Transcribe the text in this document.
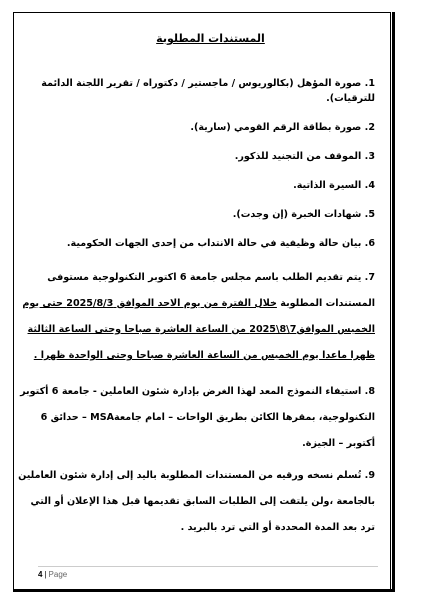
المستندات المطلوبة

1. صورة المؤهل (بكالوريوس / ماجستير / دكتوراه / تقرير اللجنة الدائمة للترقيات).

2. صورة بطاقة الرقم القومي (سارية).

3. الموقف من التجنيد للذكور.

4. السيرة الذاتية.

5. شهادات الخبرة (إن وجدت).

6. بيان حالة وظيفية في حالة الانتداب من إحدى الجهات الحكومية.

7. يتم تقديم الطلب باسم مجلس جامعة 6 اكتوبر التكنولوجية مستوفى المستندات المطلوبة خلال الفترة من يوم الاحد الموافق 2025/8/3 حتى يوم الخميس الموافق7\8\2025 من الساعة العاشرة صباحا وحتى الساعة الثالثة ظهرا ماعدا يوم الخميس من الساعة العاشرة صباحا وحتى الواحدة ظهرا .

8. استيفاء النموذج المعد لهذا الغرض بإدارة شئون العاملين - جامعة 6 أكتوبر التكنولوجية، بمقرها الكائن بطريق الواحات – امام جامعةMSA – حدائق 6 أكتوبر – الجيزة.

9. تُسلم نسخه ورقيه من المستندات المطلوبة باليد إلى إدارة شئون العاملين بالجامعة ،ولن يلتفت إلى الطلبات السابق تقديمها قبل هذا الإعلان أو التي ترد بعد المدة المحددة أو التي ترد بالبريد .

4 | Page
